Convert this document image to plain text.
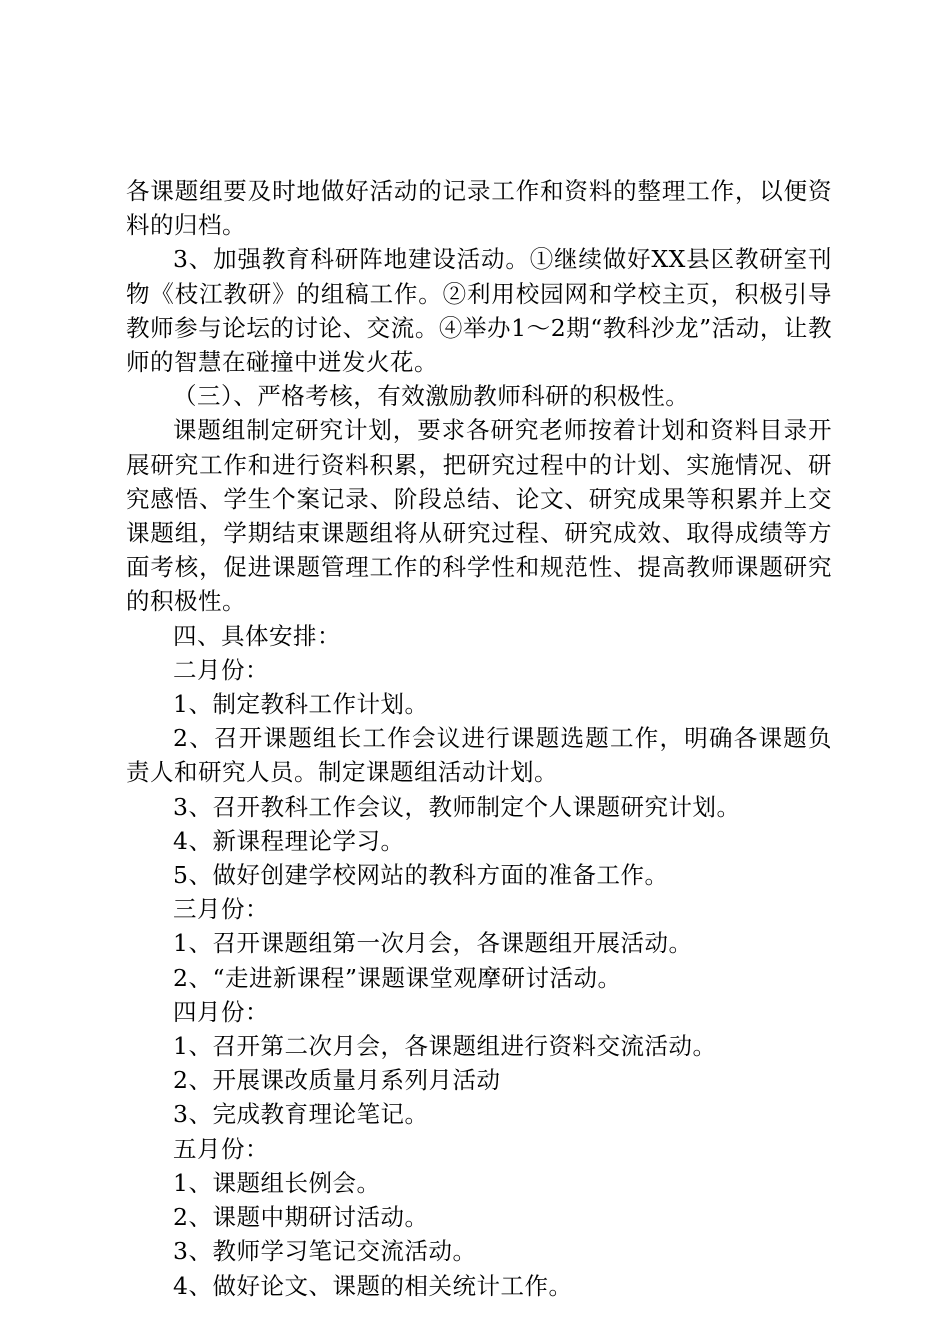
各课题组要及时地做好活动的记录工作和资料的整理工作，以便资料的归档。

3、加强教育科研阵地建设活动。①继续做好XX县区教研室刊物《枝江教研》的组稿工作。②利用校园网和学校主页，积极引导教师参与论坛的讨论、交流。④举办1～2期“教科沙龙”活动，让教师的智慧在碰撞中迸发火花。

（三）、严格考核，有效激励教师科研的积极性。

课题组制定研究计划，要求各研究老师按着计划和资料目录开展研究工作和进行资料积累，把研究过程中的计划、实施情况、研究感悟、学生个案记录、阶段总结、论文、研究成果等积累并上交课题组，学期结束课题组将从研究过程、研究成效、取得成绩等方面考核，促进课题管理工作的科学性和规范性、提高教师课题研究的积极性。

四、具体安排：

二月份：

1、制定教科工作计划。

2、召开课题组长工作会议进行课题选题工作，明确各课题负责人和研究人员。制定课题组活动计划。

3、召开教科工作会议，教师制定个人课题研究计划。

4、新课程理论学习。

5、做好创建学校网站的教科方面的准备工作。

三月份：

1、召开课题组第一次月会，各课题组开展活动。

2、“走进新课程”课题课堂观摩研讨活动。

四月份：

1、召开第二次月会，各课题组进行资料交流活动。

2、开展课改质量月系列月活动

3、完成教育理论笔记。

五月份：

1、课题组长例会。

2、课题中期研讨活动。

3、教师学习笔记交流活动。

4、做好论文、课题的相关统计工作。
